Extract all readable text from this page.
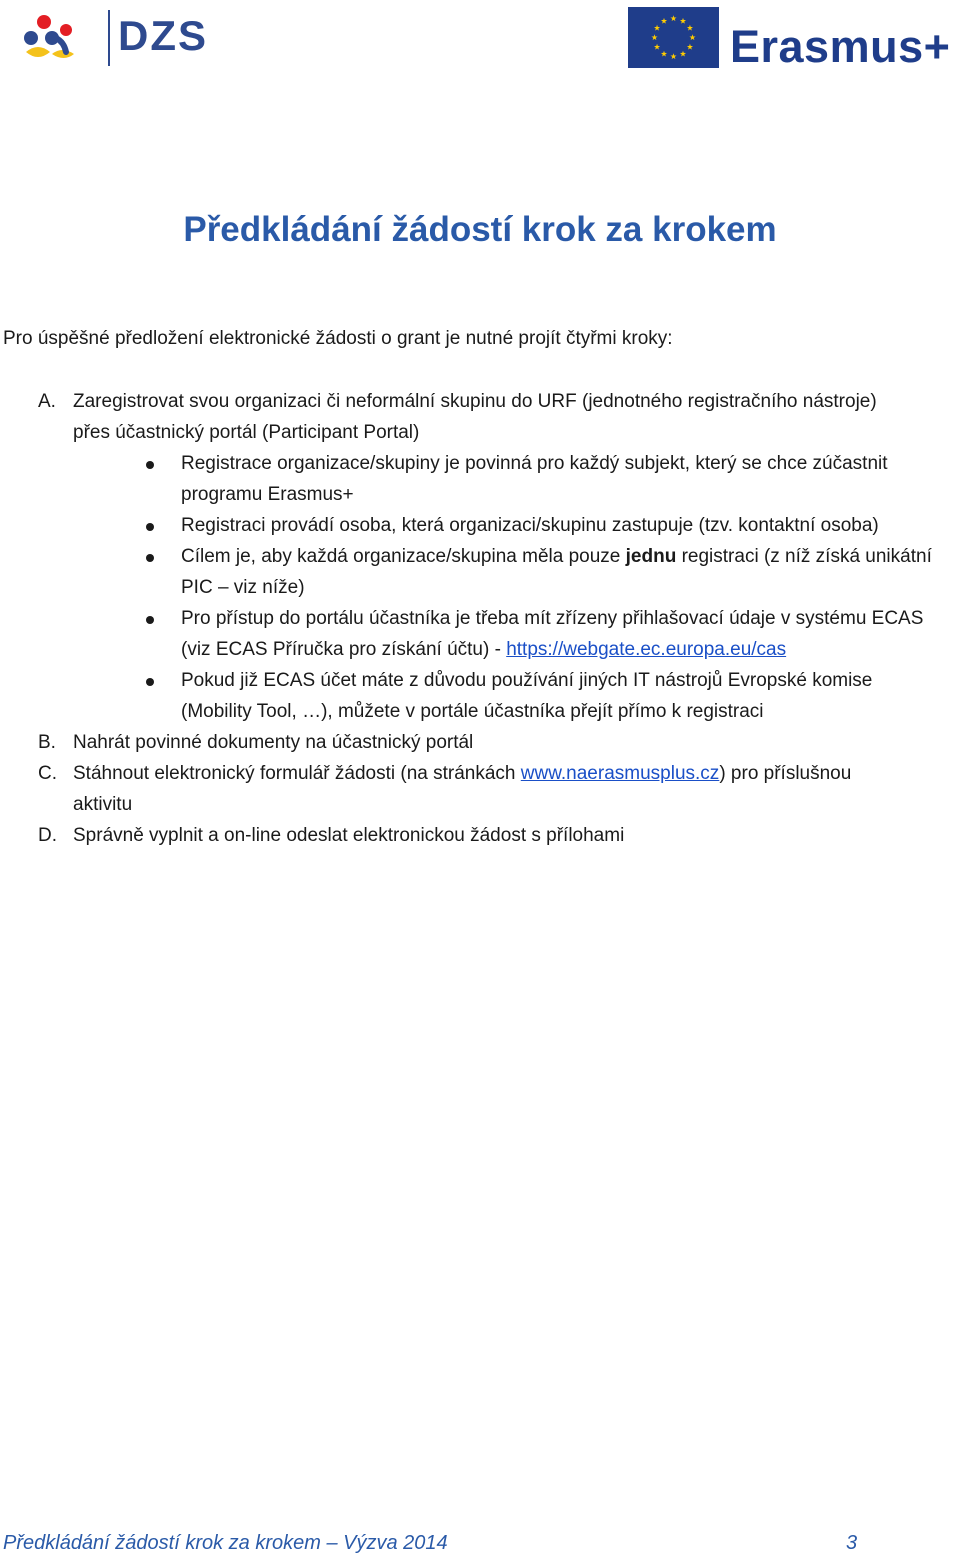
DZS	Erasmus+
Předkládání žádostí krok za krokem

Pro úspěšné předložení elektronické žádosti o grant je nutné projít čtyřmi kroky:

A. Zaregistrovat svou organizaci či neformální skupinu do URF (jednotného registračního nástroje)
přes účastnický portál (Participant Portal)
Registrace organizace/skupiny je povinná pro každý subjekt, který se chce zúčastnit
programu Erasmus+
Registraci provádí osoba, která organizaci/skupinu zastupuje (tzv. kontaktní osoba)
Cílem je, aby každá organizace/skupina měla pouze jednu registraci (z níž získá unikátní
PIC – viz níže)
Pro přístup do portálu účastníka je třeba mít zřízeny přihlašovací údaje v systému ECAS
(viz ECAS Příručka pro získání účtu) - https://webgate.ec.europa.eu/cas
Pokud již ECAS účet máte z důvodu používání jiných IT nástrojů Evropské komise
(Mobility Tool, …), můžete v portále účastníka přejít přímo k registraci
B. Nahrát povinné dokumenty na účastnický portál
C. Stáhnout elektronický formulář žádosti (na stránkách www.naerasmusplus.cz) pro příslušnou
aktivitu
D. Správně vyplnit a on-line odeslat elektronickou žádost s přílohami
Předkládání žádostí krok za krokem – Výzva 2014	3
